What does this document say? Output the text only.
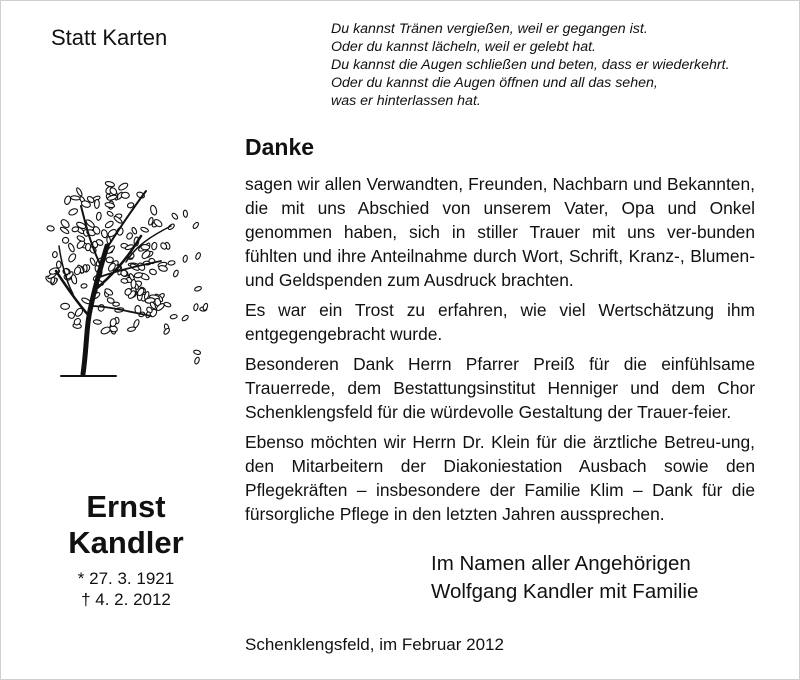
Statt Karten	Du kannst Tränen vergießen, weil er gegangen ist.
Oder du kannst lächeln, weil er gelebt hat.
Du kannst die Augen schließen und beten, dass er wiederkehrt.
Oder du kannst die Augen öffnen und all das sehen,
was er hinterlassen hat.
Danke

sagen wir allen Verwandten, Freunden, Nachbarn und Bekannten, die mit uns Abschied von unserem Vater, Opa und Onkel genommen haben, sich in stiller Trauer mit uns ver-bunden fühlten und ihre Anteilnahme durch Wort, Schrift, Kranz-, Blumen- und Geldspenden zum Ausdruck brachten.

Es war ein Trost zu erfahren, wie viel Wertschätzung ihm entgegengebracht wurde.

Besonderen Dank Herrn Pfarrer Preiß für die einfühlsame Trauerrede, dem Bestattungsinstitut Henniger und dem Chor Schenklengsfeld für die würdevolle Gestaltung der Trauer-feier.

Ebenso möchten wir Herrn Dr. Klein für die ärztliche Betreu-ung, den Mitarbeitern der Diakoniestation Ausbach sowie den Pflegekräften – insbesondere der Familie Klim – Dank für die fürsorgliche Pflege in den letzten Jahren aussprechen.

Ernst
Kandler
* 27. 3. 1921
† 4. 2. 2012
Im Namen aller Angehörigen
Wolfgang Kandler mit Familie
Schenklengsfeld, im Februar 2012
